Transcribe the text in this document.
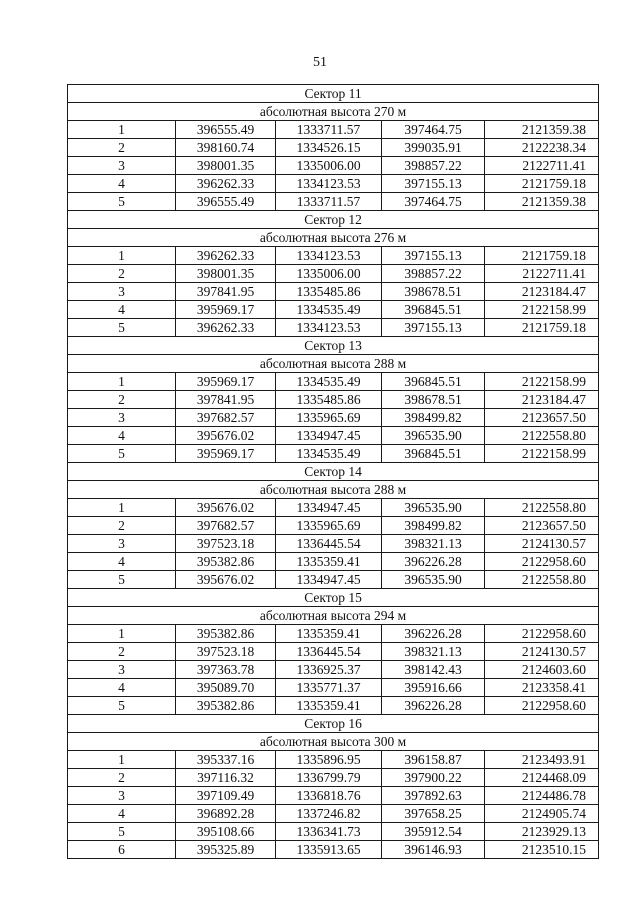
51
Сектор 11
абсолютная высота 270 м				

1	396555.49	1333711.57	397464.75	2121359.38
2	398160.74	1334526.15	399035.91	2122238.34
3	398001.35	1335006.00	398857.22	2122711.41
4	396262.33	1334123.53	397155.13	2121759.18
5	396555.49	1333711.57	397464.75	2121359.38

Сектор 12
абсолютная высота 276 м				

1	396262.33	1334123.53	397155.13	2121759.18
2	398001.35	1335006.00	398857.22	2122711.41
3	397841.95	1335485.86	398678.51	2123184.47
4	395969.17	1334535.49	396845.51	2122158.99
5	396262.33	1334123.53	397155.13	2121759.18

Сектор 13
абсолютная высота 288 м				

1	395969.17	1334535.49	396845.51	2122158.99
2	397841.95	1335485.86	398678.51	2123184.47
3	397682.57	1335965.69	398499.82	2123657.50
4	395676.02	1334947.45	396535.90	2122558.80
5	395969.17	1334535.49	396845.51	2122158.99

Сектор 14
абсолютная высота 288 м				

1	395676.02	1334947.45	396535.90	2122558.80
2	397682.57	1335965.69	398499.82	2123657.50
3	397523.18	1336445.54	398321.13	2124130.57
4	395382.86	1335359.41	396226.28	2122958.60
5	395676.02	1334947.45	396535.90	2122558.80

Сектор 15
абсолютная высота 294 м				

1	395382.86	1335359.41	396226.28	2122958.60
2	397523.18	1336445.54	398321.13	2124130.57
3	397363.78	1336925.37	398142.43	2124603.60
4	395089.70	1335771.37	395916.66	2123358.41
5	395382.86	1335359.41	396226.28	2122958.60

Сектор 16
абсолютная высота 300 м				

1	395337.16	1335896.95	396158.87	2123493.91
2	397116.32	1336799.79	397900.22	2124468.09
3	397109.49	1336818.76	397892.63	2124486.78
4	396892.28	1337246.82	397658.25	2124905.74
5	395108.66	1336341.73	395912.54	2123929.13
6	395325.89	1335913.65	396146.93	2123510.15
